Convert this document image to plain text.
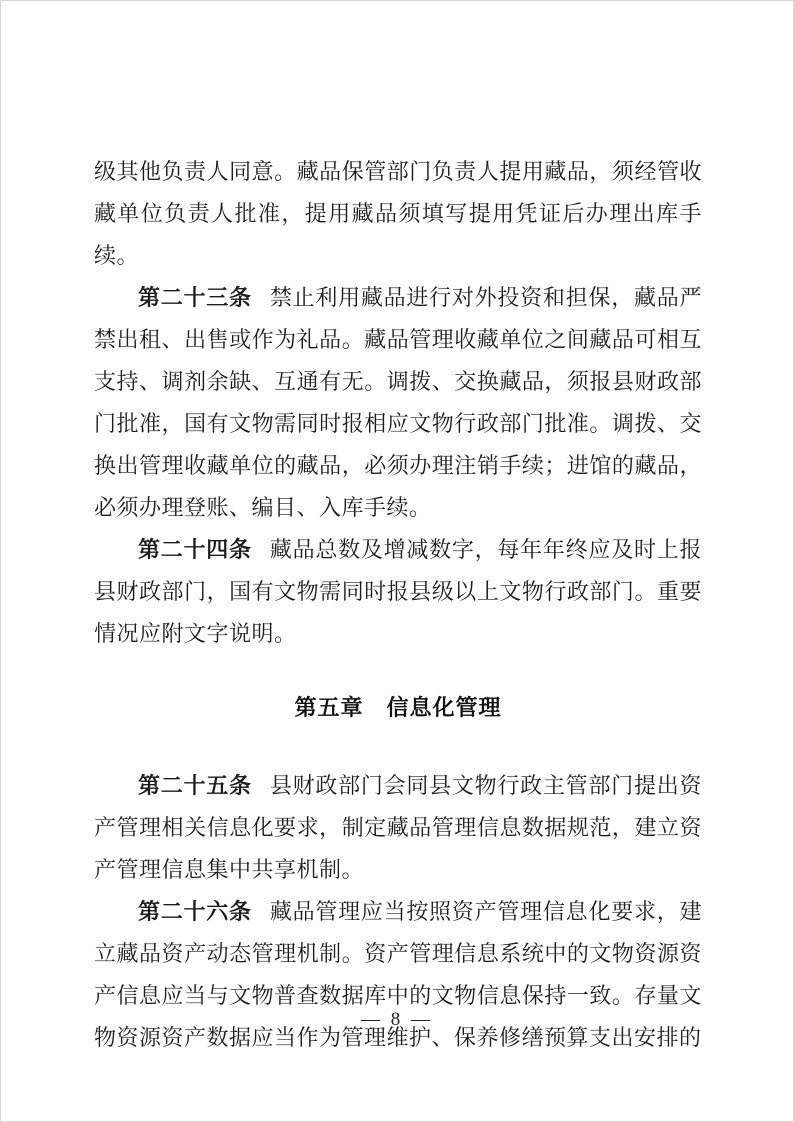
级其他负责人同意。藏品保管部门负责人提用藏品，须经管收藏单位负责人批准，提用藏品须填写提用凭证后办理出库手续。

第二十三条 禁止利用藏品进行对外投资和担保，藏品严禁出租、出售或作为礼品。藏品管理收藏单位之间藏品可相互支持、调剂余缺、互通有无。调拨、交换藏品，须报县财政部门批准，国有文物需同时报相应文物行政部门批准。调拨、交换出管理收藏单位的藏品，必须办理注销手续；进馆的藏品，必须办理登账、编目、入库手续。

第二十四条 藏品总数及增减数字，每年年终应及时上报县财政部门，国有文物需同时报县级以上文物行政部门。重要情况应附文字说明。

第五章　信息化管理

第二十五条 县财政部门会同县文物行政主管部门提出资产管理相关信息化要求，制定藏品管理信息数据规范，建立资产管理信息集中共享机制。

第二十六条 藏品管理应当按照资产管理信息化要求，建立藏品资产动态管理机制。资产管理信息系统中的文物资源资产信息应当与文物普查数据库中的文物信息保持一致。存量文物资源资产数据应当作为管理维护、保养修缮预算支出安排的

— 8 —
